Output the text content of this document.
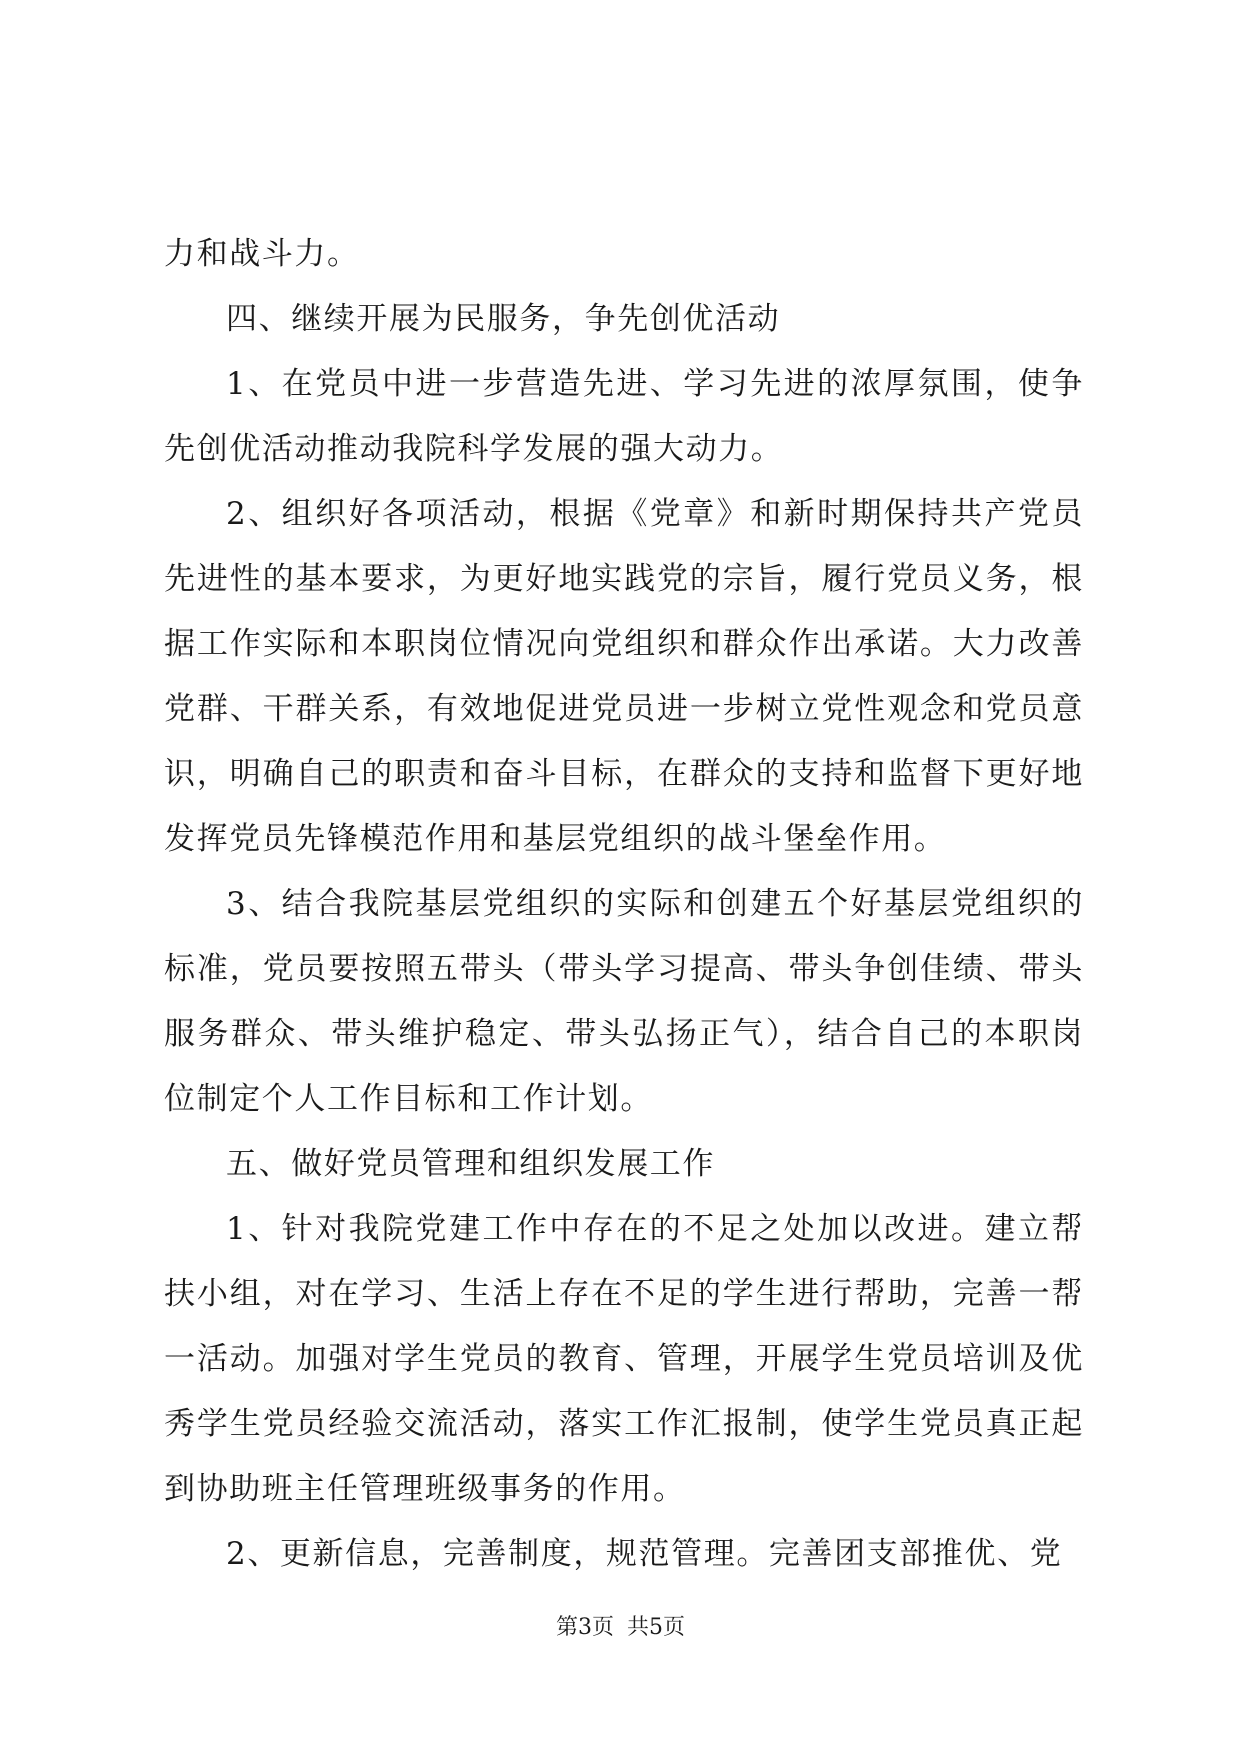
力和战斗力。

四、继续开展为民服务，争先创优活动

1、在党员中进一步营造先进、学习先进的浓厚氛围，使争先创优活动推动我院科学发展的强大动力。

2、组织好各项活动，根据《党章》和新时期保持共产党员先进性的基本要求，为更好地实践党的宗旨，履行党员义务，根据工作实际和本职岗位情况向党组织和群众作出承诺。大力改善党群、干群关系，有效地促进党员进一步树立党性观念和党员意识，明确自己的职责和奋斗目标，在群众的支持和监督下更好地发挥党员先锋模范作用和基层党组织的战斗堡垒作用。

3、结合我院基层党组织的实际和创建五个好基层党组织的标准，党员要按照五带头（带头学习提高、带头争创佳绩、带头服务群众、带头维护稳定、带头弘扬正气），结合自己的本职岗位制定个人工作目标和工作计划。

五、做好党员管理和组织发展工作

1、针对我院党建工作中存在的不足之处加以改进。建立帮扶小组，对在学习、生活上存在不足的学生进行帮助，完善一帮一活动。加强对学生党员的教育、管理，开展学生党员培训及优秀学生党员经验交流活动，落实工作汇报制，使学生党员真正起到协助班主任管理班级事务的作用。

2、更新信息，完善制度，规范管理。完善团支部推优、党

第3页 共5页
